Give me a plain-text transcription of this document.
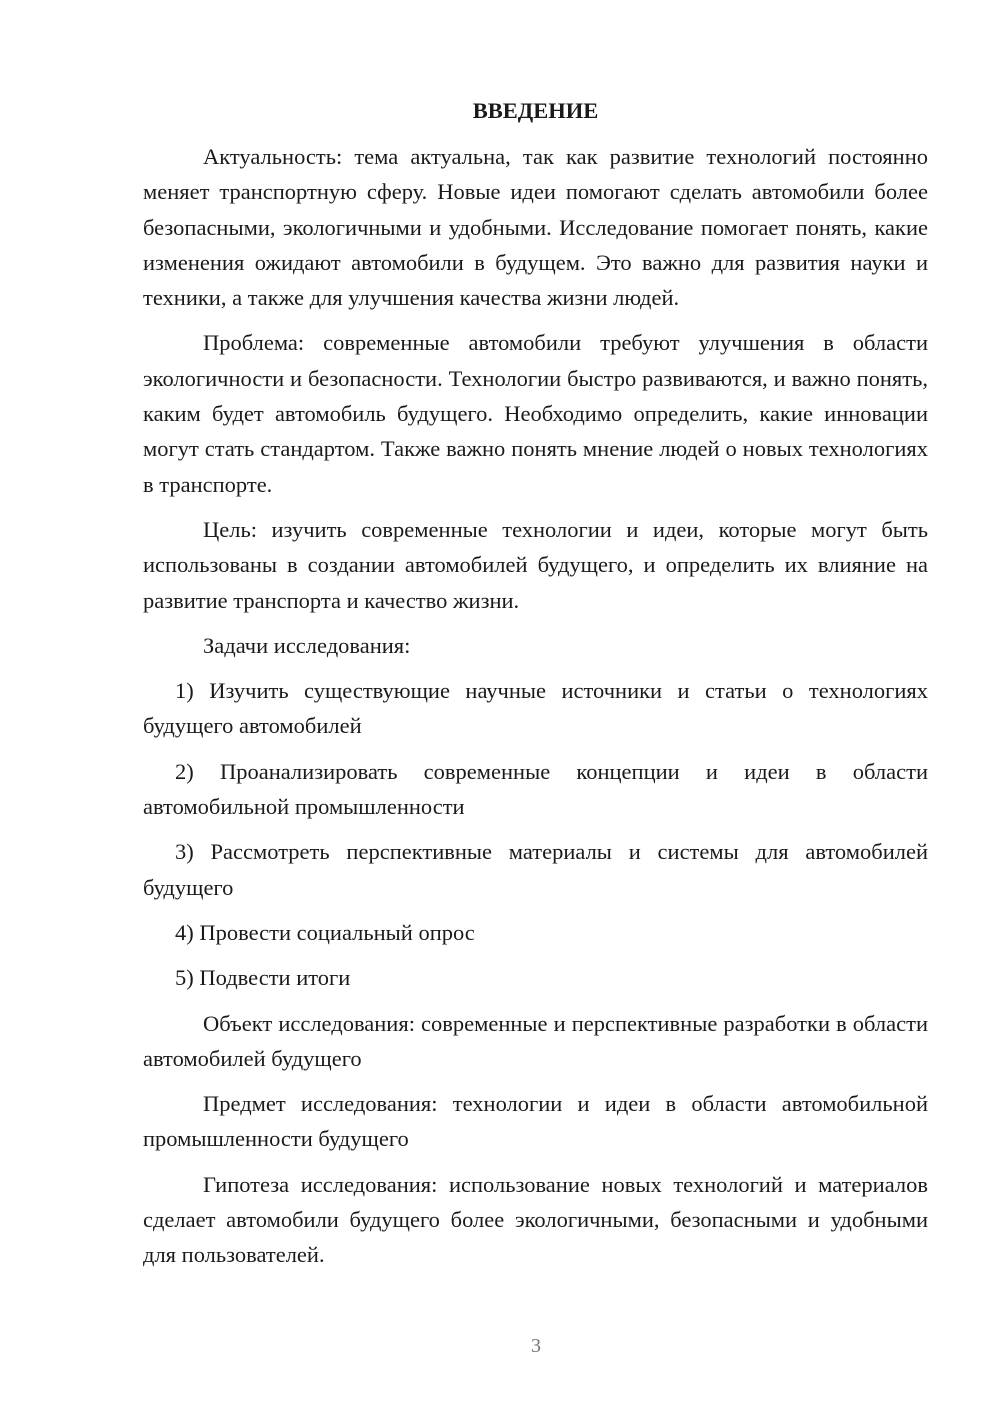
ВВЕДЕНИЕ

Актуальность: тема актуальна, так как развитие технологий постоянно меняет транспортную сферу. Новые идеи помогают сделать автомобили более безопасными, экологичными и удобными. Исследование помогает понять, какие изменения ожидают автомобили в будущем. Это важно для развития науки и техники, а также для улучшения качества жизни людей.

Проблема: современные автомобили требуют улучшения в области экологичности и безопасности. Технологии быстро развиваются, и важно понять, каким будет автомобиль будущего. Необходимо определить, какие инновации могут стать стандартом. Также важно понять мнение людей о новых технологиях в транспорте.

Цель: изучить современные технологии и идеи, которые могут быть использованы в создании автомобилей будущего, и определить их влияние на развитие транспорта и качество жизни.

Задачи исследования:

1) Изучить существующие научные источники и статьи о технологиях будущего автомобилей

2) Проанализировать современные концепции и идеи в области автомобильной промышленности

3) Рассмотреть перспективные материалы и системы для автомобилей будущего

4) Провести социальный опрос

5) Подвести итоги

Объект исследования: современные и перспективные разработки в области автомобилей будущего

Предмет исследования: технологии и идеи в области автомобильной промышленности будущего

Гипотеза исследования: использование новых технологий и материалов сделает автомобили будущего более экологичными, безопасными и удобными для пользователей.

3
